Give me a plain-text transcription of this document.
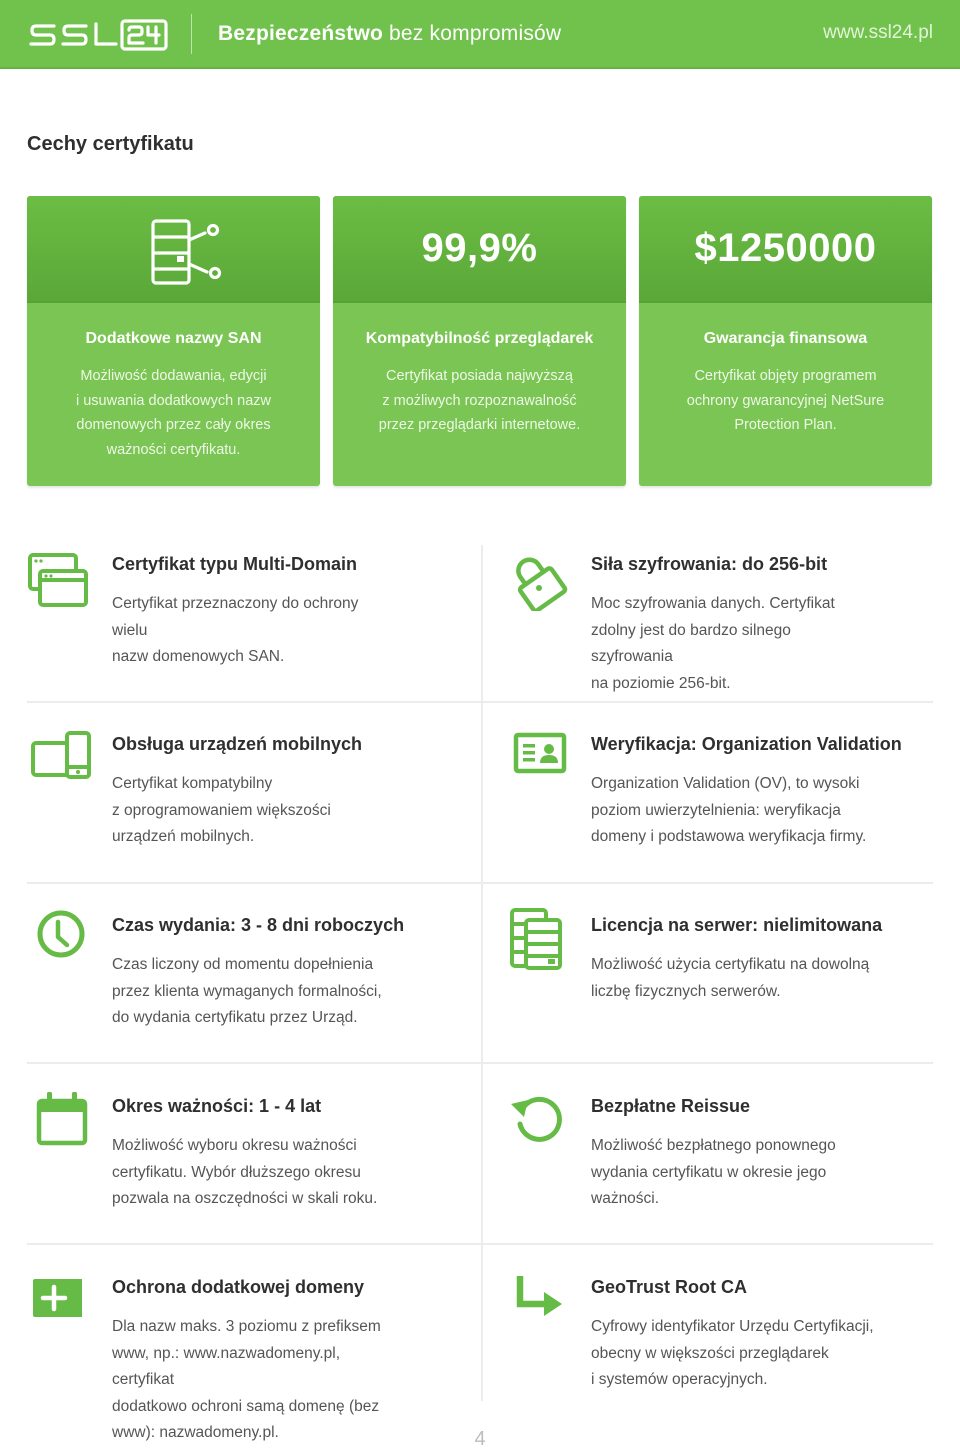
Bezpieczeństwo bez kompromisów	www.ssl24.pl
Cechy certyfikatu
Dodatkowe nazwy SAN
Możliwość dodawania, edycji
i usuwania dodatkowych nazw
domenowych przez cały okres
ważności certyfikatu.
99,9%
Kompatybilność przeglądarek
Certyfikat posiada najwyższą
z możliwych rozpoznawalność
przez przeglądarki internetowe.
$1250000
Gwarancja finansowa
Certyfikat objęty programem
ochrony gwarancyjnej NetSure
Protection Plan.
Certyfikat typu Multi-Domain
Certyfikat przeznaczony do ochrony wielu
nazw domenowych SAN.
Siła szyfrowania: do 256-bit
Moc szyfrowania danych. Certyfikat
zdolny jest do bardzo silnego szyfrowania
na poziomie 256-bit.
Obsługa urządzeń mobilnych
Certyfikat kompatybilny
z oprogramowaniem większości
urządzeń mobilnych.
Weryfikacja: Organization Validation
Organization Validation (OV), to wysoki
poziom uwierzytelnienia: weryfikacja
domeny i podstawowa weryfikacja firmy.
Czas wydania: 3 - 8 dni roboczych
Czas liczony od momentu dopełnienia
przez klienta wymaganych formalności,
do wydania certyfikatu przez Urząd.
Licencja na serwer: nielimitowana
Możliwość użycia certyfikatu na dowolną
liczbę fizycznych serwerów.
Okres ważności: 1 - 4 lat
Możliwość wyboru okresu ważności
certyfikatu. Wybór dłuższego okresu
pozwala na oszczędności w skali roku.
Bezpłatne Reissue
Możliwość bezpłatnego ponownego
wydania certyfikatu w okresie jego
ważności.
Ochrona dodatkowej domeny
Dla nazw maks. 3 poziomu z prefiksem
www, np.: www.nazwadomeny.pl, certyfikat
dodatkowo ochroni samą domenę (bez
www): nazwadomeny.pl.
GeoTrust Root CA
Cyfrowy identyfikator Urzędu Certyfikacji,
obecny w większości przeglądarek
i systemów operacyjnych.
4
